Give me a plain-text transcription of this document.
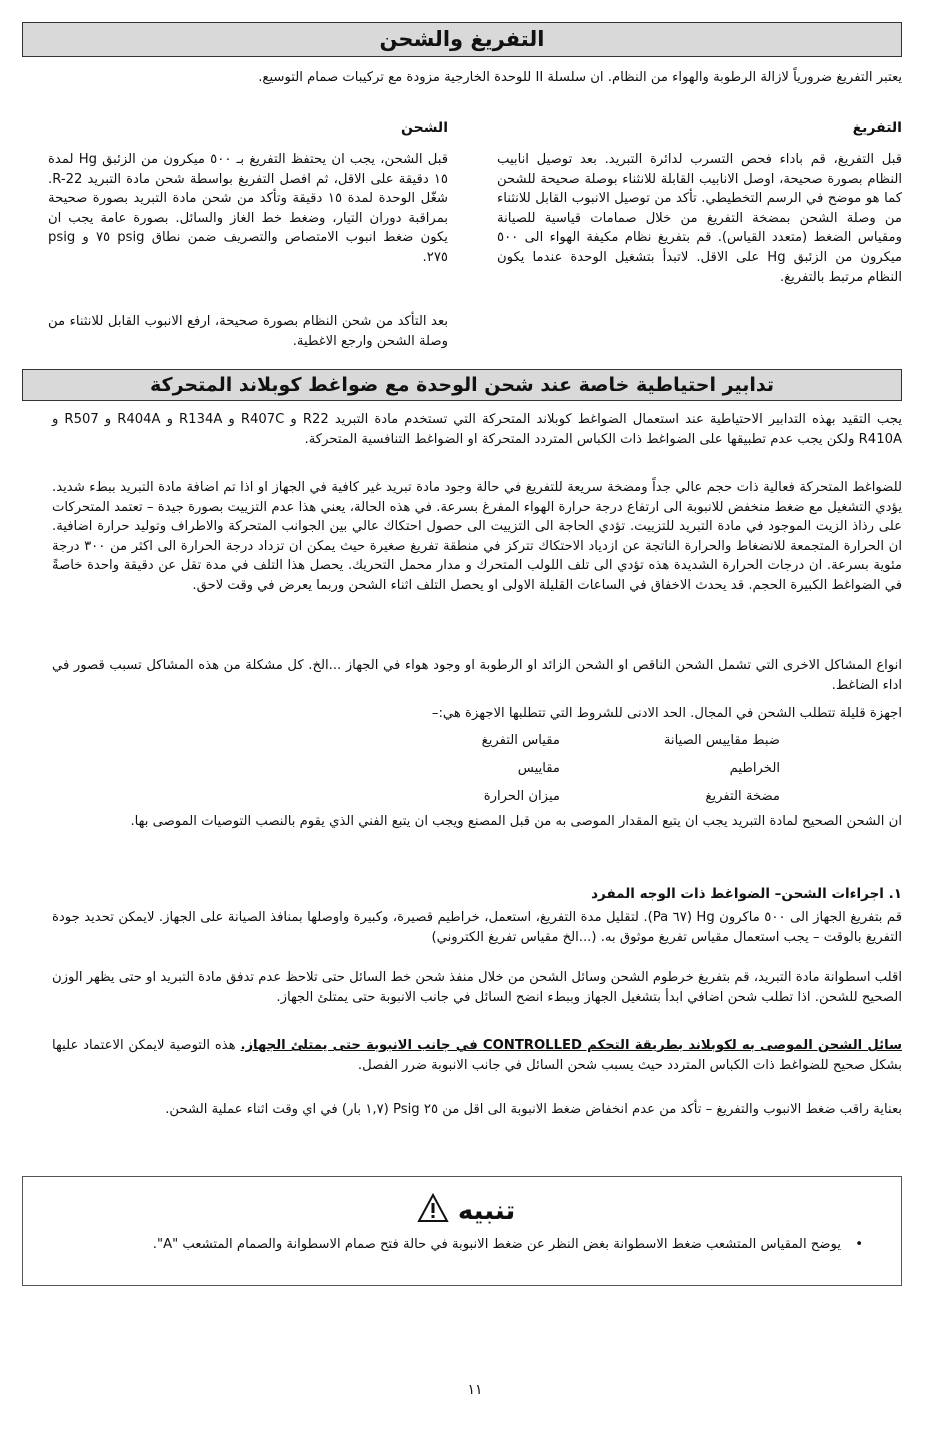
التفريغ والشحن
يعتبر التفريغ ضرورياً لازالة الرطوبة والهواء من النظام. ان سلسلة II للوحدة الخارجية مزودة مع تركيبات صمام التوسيع.
التفريغ
قبل التفريغ، قم باداء فحص التسرب لدائرة التبريد. بعد توصيل انابيب النظام بصورة صحيحة، اوصل الانابيب القابلة للانثناء بوصلة صحيحة للشحن كما هو موضح في الرسم التخطيطي. تأكد من توصيل الانبوب القابل للانثناء من وصلة الشحن بمضخة التفريغ من خلال صمامات قياسية للصيانة ومقياس الضغط (متعدد القياس). قم بتفريغ نظام مكيفة الهواء الى ٥٠٠ ميكرون من الزئبق Hg على الاقل. لاتبدأ بتشغيل الوحدة عندما يكون النظام مرتبط بالتفريغ.
الشحن
قبل الشحن، يجب ان يحتفظ التفريغ بـ ٥٠٠ ميكرون من الزئبق Hg لمدة ١٥ دقيقة على الاقل، ثم افصل التفريغ بواسطة شحن مادة التبريد R-22. شغّل الوحدة لمدة ١٥ دقيقة وتأكد من شحن مادة التبريد بصورة صحيحة بمراقبة دوران التيار، وضغط خط الغاز والسائل. بصورة عامة يجب ان يكون ضغط انبوب الامتصاص والتصريف ضمن نطاق psig ٧٥ و psig ٢٧٥.
بعد التأكد من شحن النظام بصورة صحيحة، ارفع الانبوب القابل للانثناء من وصلة الشحن وارجع الاغطية.
تدابير احتياطية خاصة عند شحن الوحدة مع ضواغط كوبلاند المتحركة
يجب التقيد بهذه التدابير الاحتياطية عند استعمال الضواغط كوبلاند المتحركة التي تستخدم مادة التبريد R22 و R407C و R134A و R404A و R507 و R410A ولكن يجب عدم تطبيقها على الضواغط ذات الكباس المتردد المتحركة او الضواغط التنافسية المتحركة.
للضواغط المتحركة فعالية ذات حجم عالي جداً ومضخة سريعة للتفريغ في حالة وجود مادة تبريد غير كافية في الجهاز او اذا تم اضافة مادة التبريد ببطء شديد. يؤدي التشغيل مع ضغط منخفض للانبوبة الى ارتفاع درجة حرارة الهواء المفرغ بسرعة. في هذه الحالة، يعني هذا عدم التزييت بصورة جيدة – تعتمد المتحركات على رذاذ الزيت الموجود في مادة التبريد للتزييت. تؤدي الحاجة الى التزييت الى حصول احتكاك عالي بين الجوانب المتحركة والاطراف وتوليد حرارة اضافية. ان الحرارة المتجمعة للانضغاط والحرارة الناتجة عن ازدياد الاحتكاك تتركز في منطقة تفريغ صغيرة حيث يمكن ان تزداد درجة الحرارة الى اكثر من ٣٠٠ درجة مئوية بسرعة. ان درجات الحرارة الشديدة هذه تؤدي الى تلف اللولب المتحرك و مدار محمل التحريك. يحصل هذا التلف في مدة تقل عن دقيقة واحدة خاصةً في الضواغط الكبيرة الحجم. قد يحدث الاخفاق في الساعات القليلة الاولى او يحصل التلف اثناء الشحن وربما يعرض في وقت لاحق.
انواع المشاكل الاخرى التي تشمل الشحن الناقص او الشحن الزائد او الرطوبة او وجود هواء في الجهاز ...الخ. كل مشكلة من هذه المشاكل تسبب قصور في اداء الضاغط.
اجهزة قليلة تتطلب الشحن في المجال. الحد الادنى للشروط التي تتطلبها الاجهزة هي:–
ضبط مقاييس الصيانة
مقياس التفريغ
الخراطيم
مقاييس
مضخة التفريغ
ميزان الحرارة
ان الشحن الصحيح لمادة التبريد يجب ان يتبع المقدار الموصى به من قبل المصنع ويجب ان يتبع الفني الذي يقوم بالنصب التوصيات الموصى بها.
١. اجراءات الشحن– الضواغط ذات الوجه المفرد
قم بتفريغ الجهاز الى ٥٠٠ ماكرون Hg (٦٧ Pa). لتقليل مدة التفريغ، استعمل، خراطيم قصيرة، وكبيرة واوصلها بمنافذ الصيانة على الجهاز. لايمكن تحديد جودة التفريغ بالوقت – يجب استعمال مقياس تفريغ موثوق به. (...الخ مقياس تفريغ الكتروني)
اقلب اسطوانة مادة التبريد، قم بتفريغ خرطوم الشحن وسائل الشحن من خلال منفذ شحن خط السائل حتى تلاحظ عدم تدفق مادة التبريد او حتى يظهر الوزن الصحيح للشحن. اذا تطلب شحن اضافي ابدأ بتشغيل الجهاز وببطء انضح السائل في جانب الانبوبة حتى يمتلئ الجهاز.
سائل الشحن الموصى به لكوبلاند بطريقة التحكم CONTROLLED في جانب الانبوبة حتى يمتلئ الجهاز. هذه التوصية لايمكن الاعتماد عليها بشكل صحيح للضواغط ذات الكباس المتردد حيث يسبب شحن السائل في جانب الانبوبة ضرر الفصل.
بعناية راقب ضغط الانبوب والتفريغ – تأكد من عدم انخفاض ضغط الانبوبة الى اقل من ٢٥ Psig (١,٧ بار) في اي وقت اثناء عملية الشحن.
تنبيه
•
يوضح المقياس المتشعب ضغط الاسطوانة بغض النظر عن ضغط الانبوبة في حالة فتح صمام الاسطوانة والصمام المتشعب "A".
١١
